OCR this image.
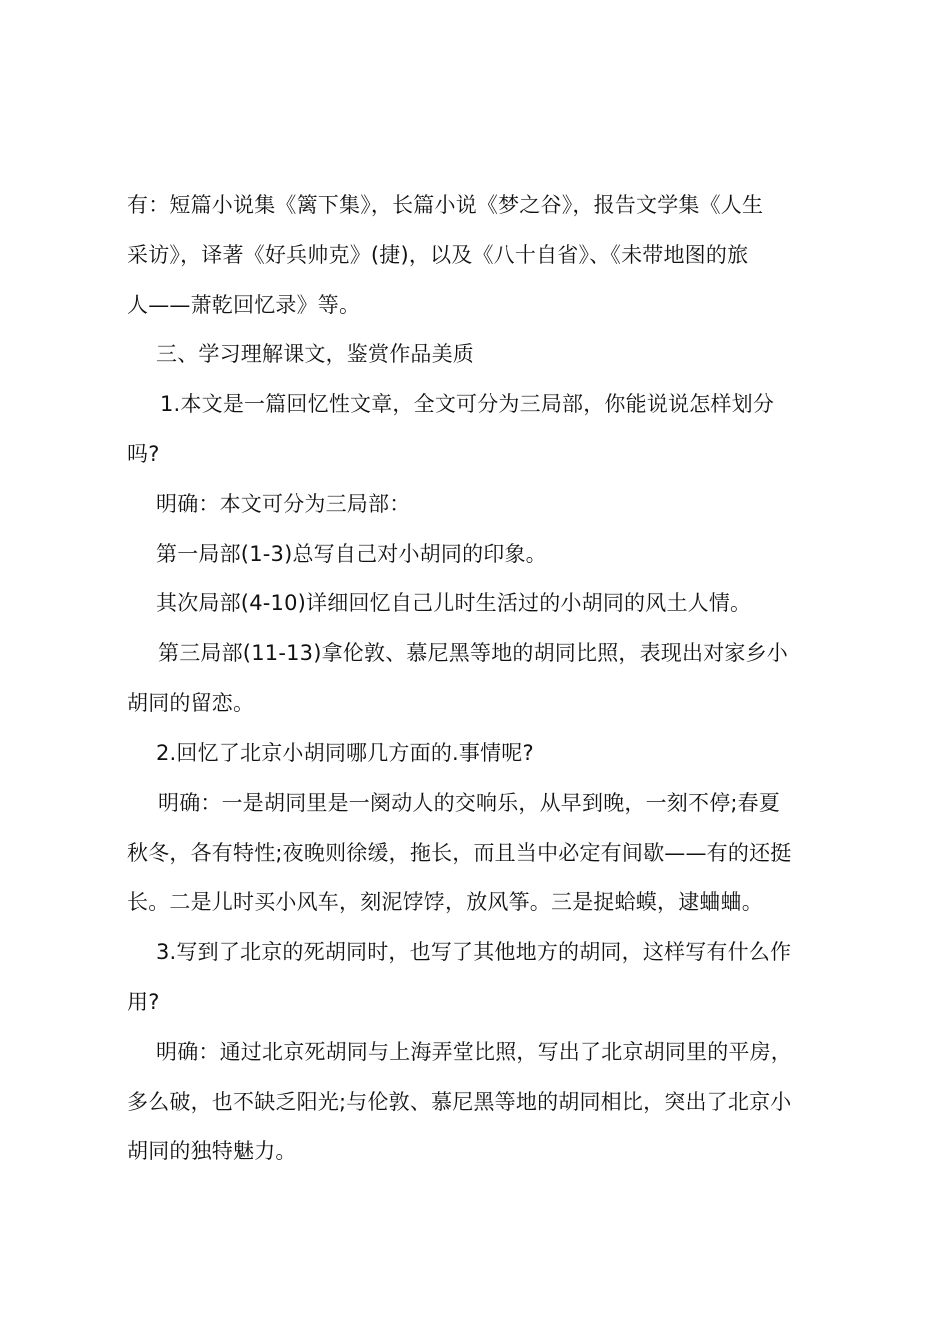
有：短篇小说集《篱下集》，长篇小说《梦之谷》，报告文学集《人生
采访》，译著《好兵帅克》(捷)，以及《八十自省》、《未带地图的旅
人——萧乾回忆录》等。
三、学习理解课文，鉴赏作品美质
1.本文是一篇回忆性文章，全文可分为三局部，你能说说怎样划分
吗?
明确：本文可分为三局部：
第一局部(1-3)总写自己对小胡同的印象。
其次局部(4-10)详细回忆自己儿时生活过的小胡同的风土人情。
第三局部(11-13)拿伦敦、慕尼黑等地的胡同比照，表现出对家乡小
胡同的留恋。
2.回忆了北京小胡同哪几方面的.事情呢?
明确：一是胡同里是一阕动人的交响乐，从早到晚，一刻不停;春夏
秋冬，各有特性;夜晚则徐缓，拖长，而且当中必定有间歇——有的还挺
长。二是儿时买小风车，刻泥饽饽，放风筝。三是捉蛤蟆，逮蛐蛐。
3.写到了北京的死胡同时，也写了其他地方的胡同，这样写有什么作
用?
明确：通过北京死胡同与上海弄堂比照，写出了北京胡同里的平房，
多么破，也不缺乏阳光;与伦敦、慕尼黑等地的胡同相比，突出了北京小
胡同的独特魅力。
